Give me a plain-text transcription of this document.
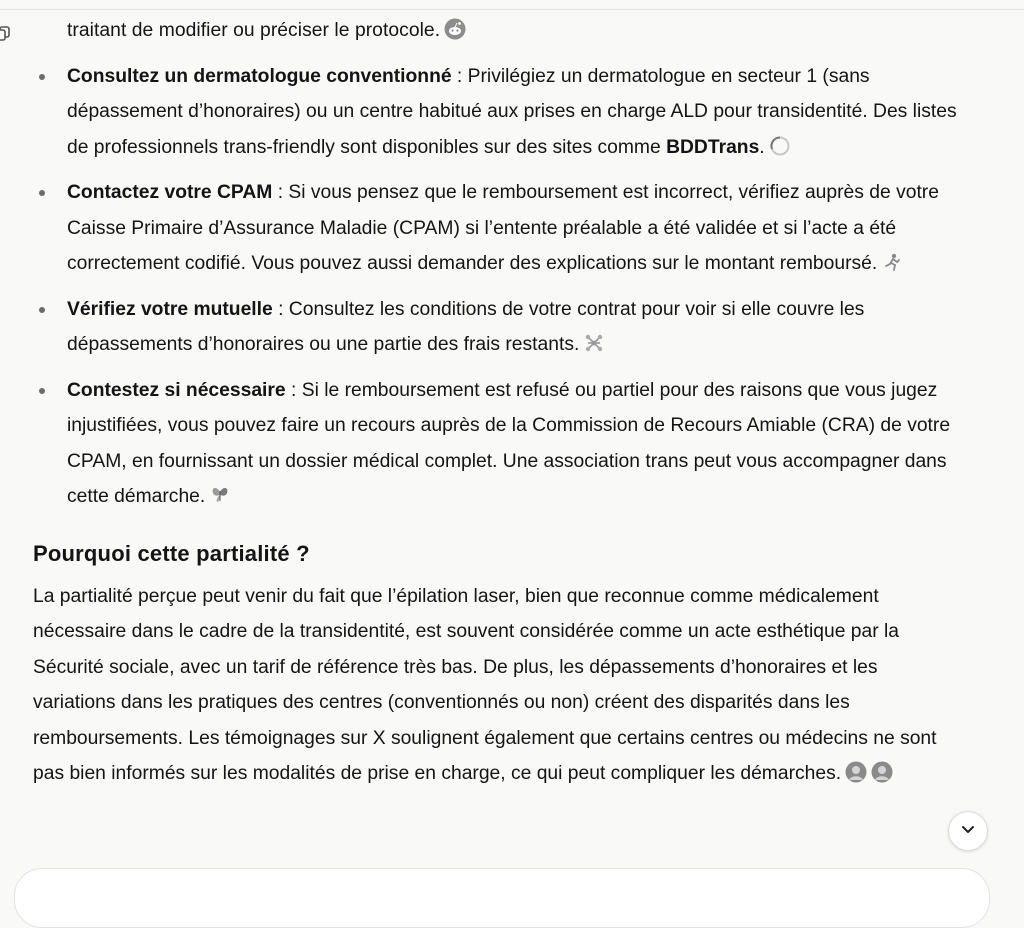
traitant de modifier ou préciser le protocole.
Consultez un dermatologue conventionné : Privilégiez un dermatologue en secteur 1 (sans dépassement d’honoraires) ou un centre habitué aux prises en charge ALD pour transidentité. Des listes de professionnels trans-friendly sont disponibles sur des sites comme BDDTrans.
Contactez votre CPAM : Si vous pensez que le remboursement est incorrect, vérifiez auprès de votre Caisse Primaire d’Assurance Maladie (CPAM) si l’entente préalable a été validée et si l’acte a été correctement codifié. Vous pouvez aussi demander des explications sur le montant remboursé.
Vérifiez votre mutuelle : Consultez les conditions de votre contrat pour voir si elle couvre les dépassements d’honoraires ou une partie des frais restants.
Contestez si nécessaire : Si le remboursement est refusé ou partiel pour des raisons que vous jugez injustifiées, vous pouvez faire un recours auprès de la Commission de Recours Amiable (CRA) de votre CPAM, en fournissant un dossier médical complet. Une association trans peut vous accompagner dans cette démarche.
Pourquoi cette partialité ?
La partialité perçue peut venir du fait que l’épilation laser, bien que reconnue comme médicalement nécessaire dans le cadre de la transidentité, est souvent considérée comme un acte esthétique par la Sécurité sociale, avec un tarif de référence très bas. De plus, les dépassements d’honoraires et les variations dans les pratiques des centres (conventionnés ou non) créent des disparités dans les remboursements. Les témoignages sur X soulignent également que certains centres ou médecins ne sont pas bien informés sur les modalités de prise en charge, ce qui peut compliquer les démarches.
